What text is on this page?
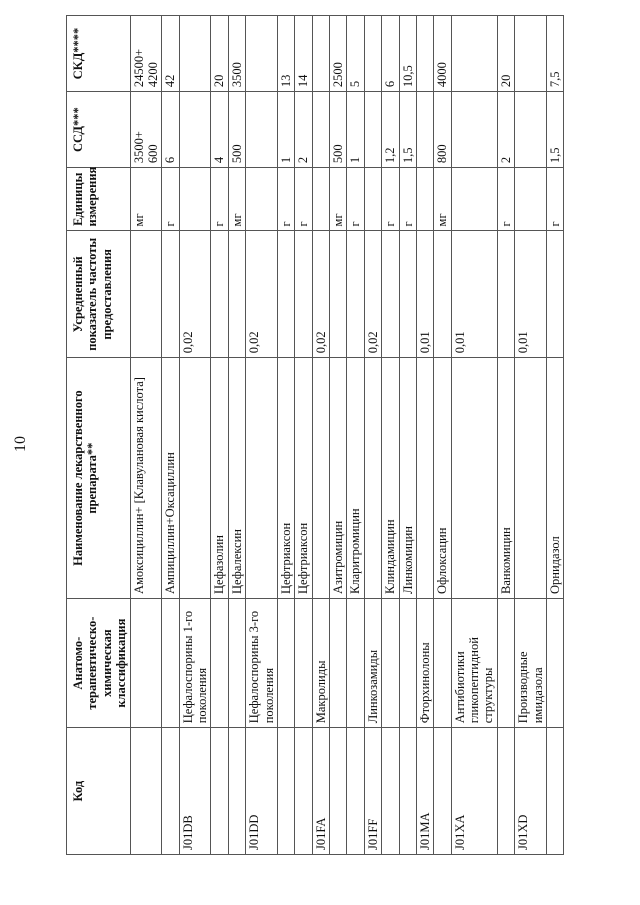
10
Код	Анатомо-терапевтическо-химическая классификация	Наименование лекарственного препарата**	Усредненный показатель частоты предоставления	Единицы измерения	ССД***	СКД****
		Амоксициллин+ [Клавулановая кислота]		мг	3500+ 600	24500+ 4200

		Ампициллин+Оксациллин		г	6	42

J01DB	Цефалоспорины 1-го поколения		0,02			
		Цефазолин		г	4	20

		Цефалексин		мг	500	3500

J01DD	Цефалоспорины 3-го поколения		0,02			
		Цефтриаксон		г	1	13

		Цефтриаксон		г	2	14

J01FA	Макролиды		0,02			
		Азитромицин		мг	500	2500

		Кларитромицин		г	1	5

J01FF	Линкозамиды		0,02			
		Клиндамицин		г	1,2	6

		Линкомицин		г	1,5	10,5

J01MA	Фторхинолоны		0,01			
		Офлоксацин		мг	800	4000

J01XA	Антибиотики гликопептидной структуры		0,01			
		Ванкомицин		г	2	20

J01XD	Производные имидазола		0,01			
		Орнидазол		г	1,5	7,5
